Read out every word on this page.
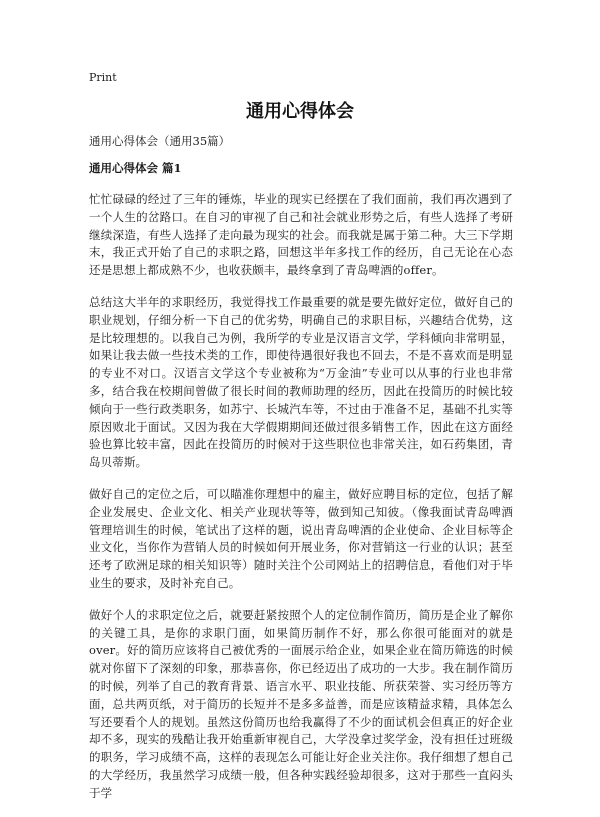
Print
通用心得体会
通用心得体会（通用35篇）
通用心得体会 篇1

忙忙碌碌的经过了三年的锤炼，毕业的现实已经摆在了我们面前，我们再次遇到了一个人生的岔路口。在自习的审视了自己和社会就业形势之后，有些人选择了考研继续深造，有些人选择了走向最为现实的社会。而我就是属于第二种。大三下学期末，我正式开始了自己的求职之路，回想这半年多找工作的经历，自己无论在心态还是思想上都成熟不少，也收获颇丰，最终拿到了青岛啤酒的offer。

总结这大半年的求职经历，我觉得找工作最重要的就是要先做好定位，做好自己的职业规划，仔细分析一下自己的优劣势，明确自己的求职目标，兴趣结合优势，这是比较理想的。以我自己为例，我所学的专业是汉语言文学，学科倾向非常明显，如果让我去做一些技术类的工作，即使待遇很好我也不回去，不是不喜欢而是明显的专业不对口。汉语言文学这个专业被称为“万金油”专业可以从事的行业也非常多，结合我在校期间曾做了很长时间的教师助理的经历，因此在投简历的时候比较倾向于一些行政类职务，如苏宁、长城汽车等，不过由于准备不足，基础不扎实等原因败北于面试。又因为我在大学假期期间还做过很多销售工作，因此在这方面经验也算比较丰富，因此在投简历的时候对于这些职位也非常关注，如石药集团，青岛贝蒂斯。

做好自己的定位之后，可以瞄准你理想中的雇主，做好应聘目标的定位，包括了解企业发展史、企业文化、相关产业现状等等，做到知己知彼。（像我面试青岛啤酒管理培训生的时候，笔试出了这样的题，说出青岛啤酒的企业使命、企业目标等企业文化，当你作为营销人员的时候如何开展业务，你对营销这一行业的认识；甚至还考了欧洲足球的相关知识等）随时关注个公司网站上的招聘信息，看他们对于毕业生的要求，及时补充自己。

做好个人的求职定位之后，就要赶紧按照个人的定位制作简历，简历是企业了解你的关键工具，是你的求职门面，如果简历制作不好，那么你很可能面对的就是over。好的简历应该将自己被优秀的一面展示给企业，如果企业在简历筛选的时候就对你留下了深刻的印象，那恭喜你，你已经迈出了成功的一大步。我在制作简历的时候，列举了自己的教育背景、语言水平、职业技能、所获荣誉、实习经历等方面，总共两页纸，对于简历的长短并不是多多益善，而是应该精益求精，具体怎么写还要看个人的规划。虽然这份简历也给我赢得了不少的面试机会但真正的好企业却不多，现实的残酷让我开始重新审视自己，大学没拿过奖学金，没有担任过班级的职务，学习成绩不高，这样的表现怎么可能让好企业关注你。我仔细想了想自己的大学经历，我虽然学习成绩一般，但各种实践经验却很多，这对于那些一直闷头于学
